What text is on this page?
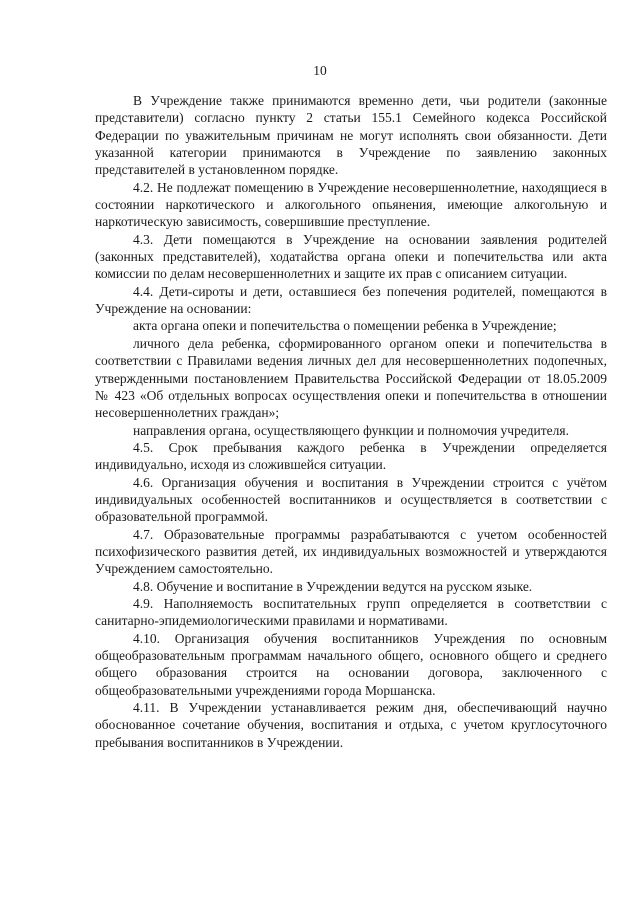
10

В Учреждение также принимаются временно дети, чьи родители (законные представители) согласно пункту 2 статьи 155.1 Семейного кодекса Российской Федерации по уважительным причинам не могут исполнять свои обязанности. Дети указанной категории принимаются в Учреждение по заявлению законных представителей в установленном порядке.

4.2. Не подлежат помещению в Учреждение несовершеннолетние, находящиеся в состоянии наркотического и алкогольного опьянения, имеющие алкогольную и наркотическую зависимость, совершившие преступление.

4.3. Дети помещаются в Учреждение на основании заявления родителей (законных представителей), ходатайства органа опеки и попечительства или акта комиссии по делам несовершеннолетних и защите их прав с описанием ситуации.

4.4. Дети-сироты и дети, оставшиеся без попечения родителей, помещаются в Учреждение на основании:

акта органа опеки и попечительства о помещении ребенка в Учреждение;

личного дела ребенка, сформированного органом опеки и попечительства в соответствии с Правилами ведения личных дел для несовершеннолетних подопечных, утвержденными постановлением Правительства Российской Федерации от 18.05.2009 № 423 «Об отдельных вопросах осуществления опеки и попечительства в отношении несовершеннолетних граждан»;

направления органа, осуществляющего функции и полномочия учредителя.

4.5. Срок пребывания каждого ребенка в Учреждении определяется индивидуально, исходя из сложившейся ситуации.

4.6. Организация обучения и воспитания в Учреждении строится с учётом индивидуальных особенностей воспитанников и осуществляется в соответствии с образовательной программой.

4.7. Образовательные программы разрабатываются с учетом особенностей психофизического развития детей, их индивидуальных возможностей и утверждаются Учреждением самостоятельно.

4.8. Обучение и воспитание в Учреждении ведутся на русском языке.

4.9. Наполняемость воспитательных групп определяется в соответствии с санитарно-эпидемиологическими правилами и нормативами.

4.10. Организация обучения воспитанников Учреждения по основным общеобразовательным программам начального общего, основного общего и среднего общего образования строится на основании договора, заключенного с общеобразовательными учреждениями города Моршанска.

4.11. В Учреждении устанавливается режим дня, обеспечивающий научно обоснованное сочетание обучения, воспитания и отдыха, с учетом круглосуточного пребывания воспитанников в Учреждении.
